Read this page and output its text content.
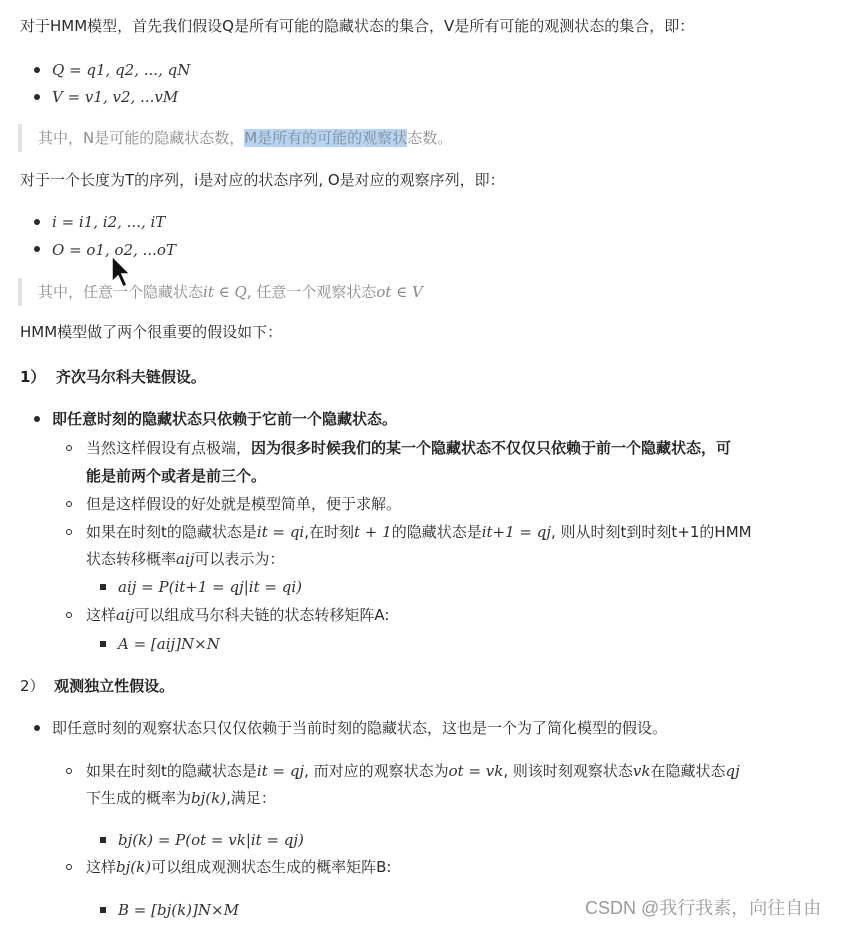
对于HMM模型，首先我们假设Q是所有可能的隐藏状态的集合，V是所有可能的观测状态的集合，即：
Q = q1, q2, ..., qN
V = v1, v2, ...vM
其中，N是可能的隐藏状态数，M是所有的可能的观察状态数。
对于一个长度为T的序列，i是对应的状态序列, O是对应的观察序列，即：
i = i1, i2, ..., iT
O = o1, o2, ...oT
其中，任意一个隐藏状态it ∈ Q, 任意一个观察状态ot ∈ V
HMM模型做了两个很重要的假设如下：
1） 齐次马尔科夫链假设。
即任意时刻的隐藏状态只依赖于它前一个隐藏状态。
当然这样假设有点极端，因为很多时候我们的某一个隐藏状态不仅仅只依赖于前一个隐藏状态，可
能是前两个或者是前三个。
但是这样假设的好处就是模型简单，便于求解。
如果在时刻t的隐藏状态是it = qi,在时刻t + 1的隐藏状态是it+1 = qj, 则从时刻t到时刻t+1的HMM
状态转移概率aij可以表示为：
aij = P(it+1 = qj|it = qi)
这样aij可以组成马尔科夫链的状态转移矩阵A:
A = [aij]N×N
2） 观测独立性假设。
即任意时刻的观察状态只仅仅依赖于当前时刻的隐藏状态，这也是一个为了简化模型的假设。
如果在时刻t的隐藏状态是it = qj, 而对应的观察状态为ot = vk, 则该时刻观察状态vk在隐藏状态qj
下生成的概率为bj(k),满足：
bj(k) = P(ot = vk|it = qj)
这样bj(k)可以组成观测状态生成的概率矩阵B:
B = [bj(k)]N×M	CSDN @我行我素，向往自由
